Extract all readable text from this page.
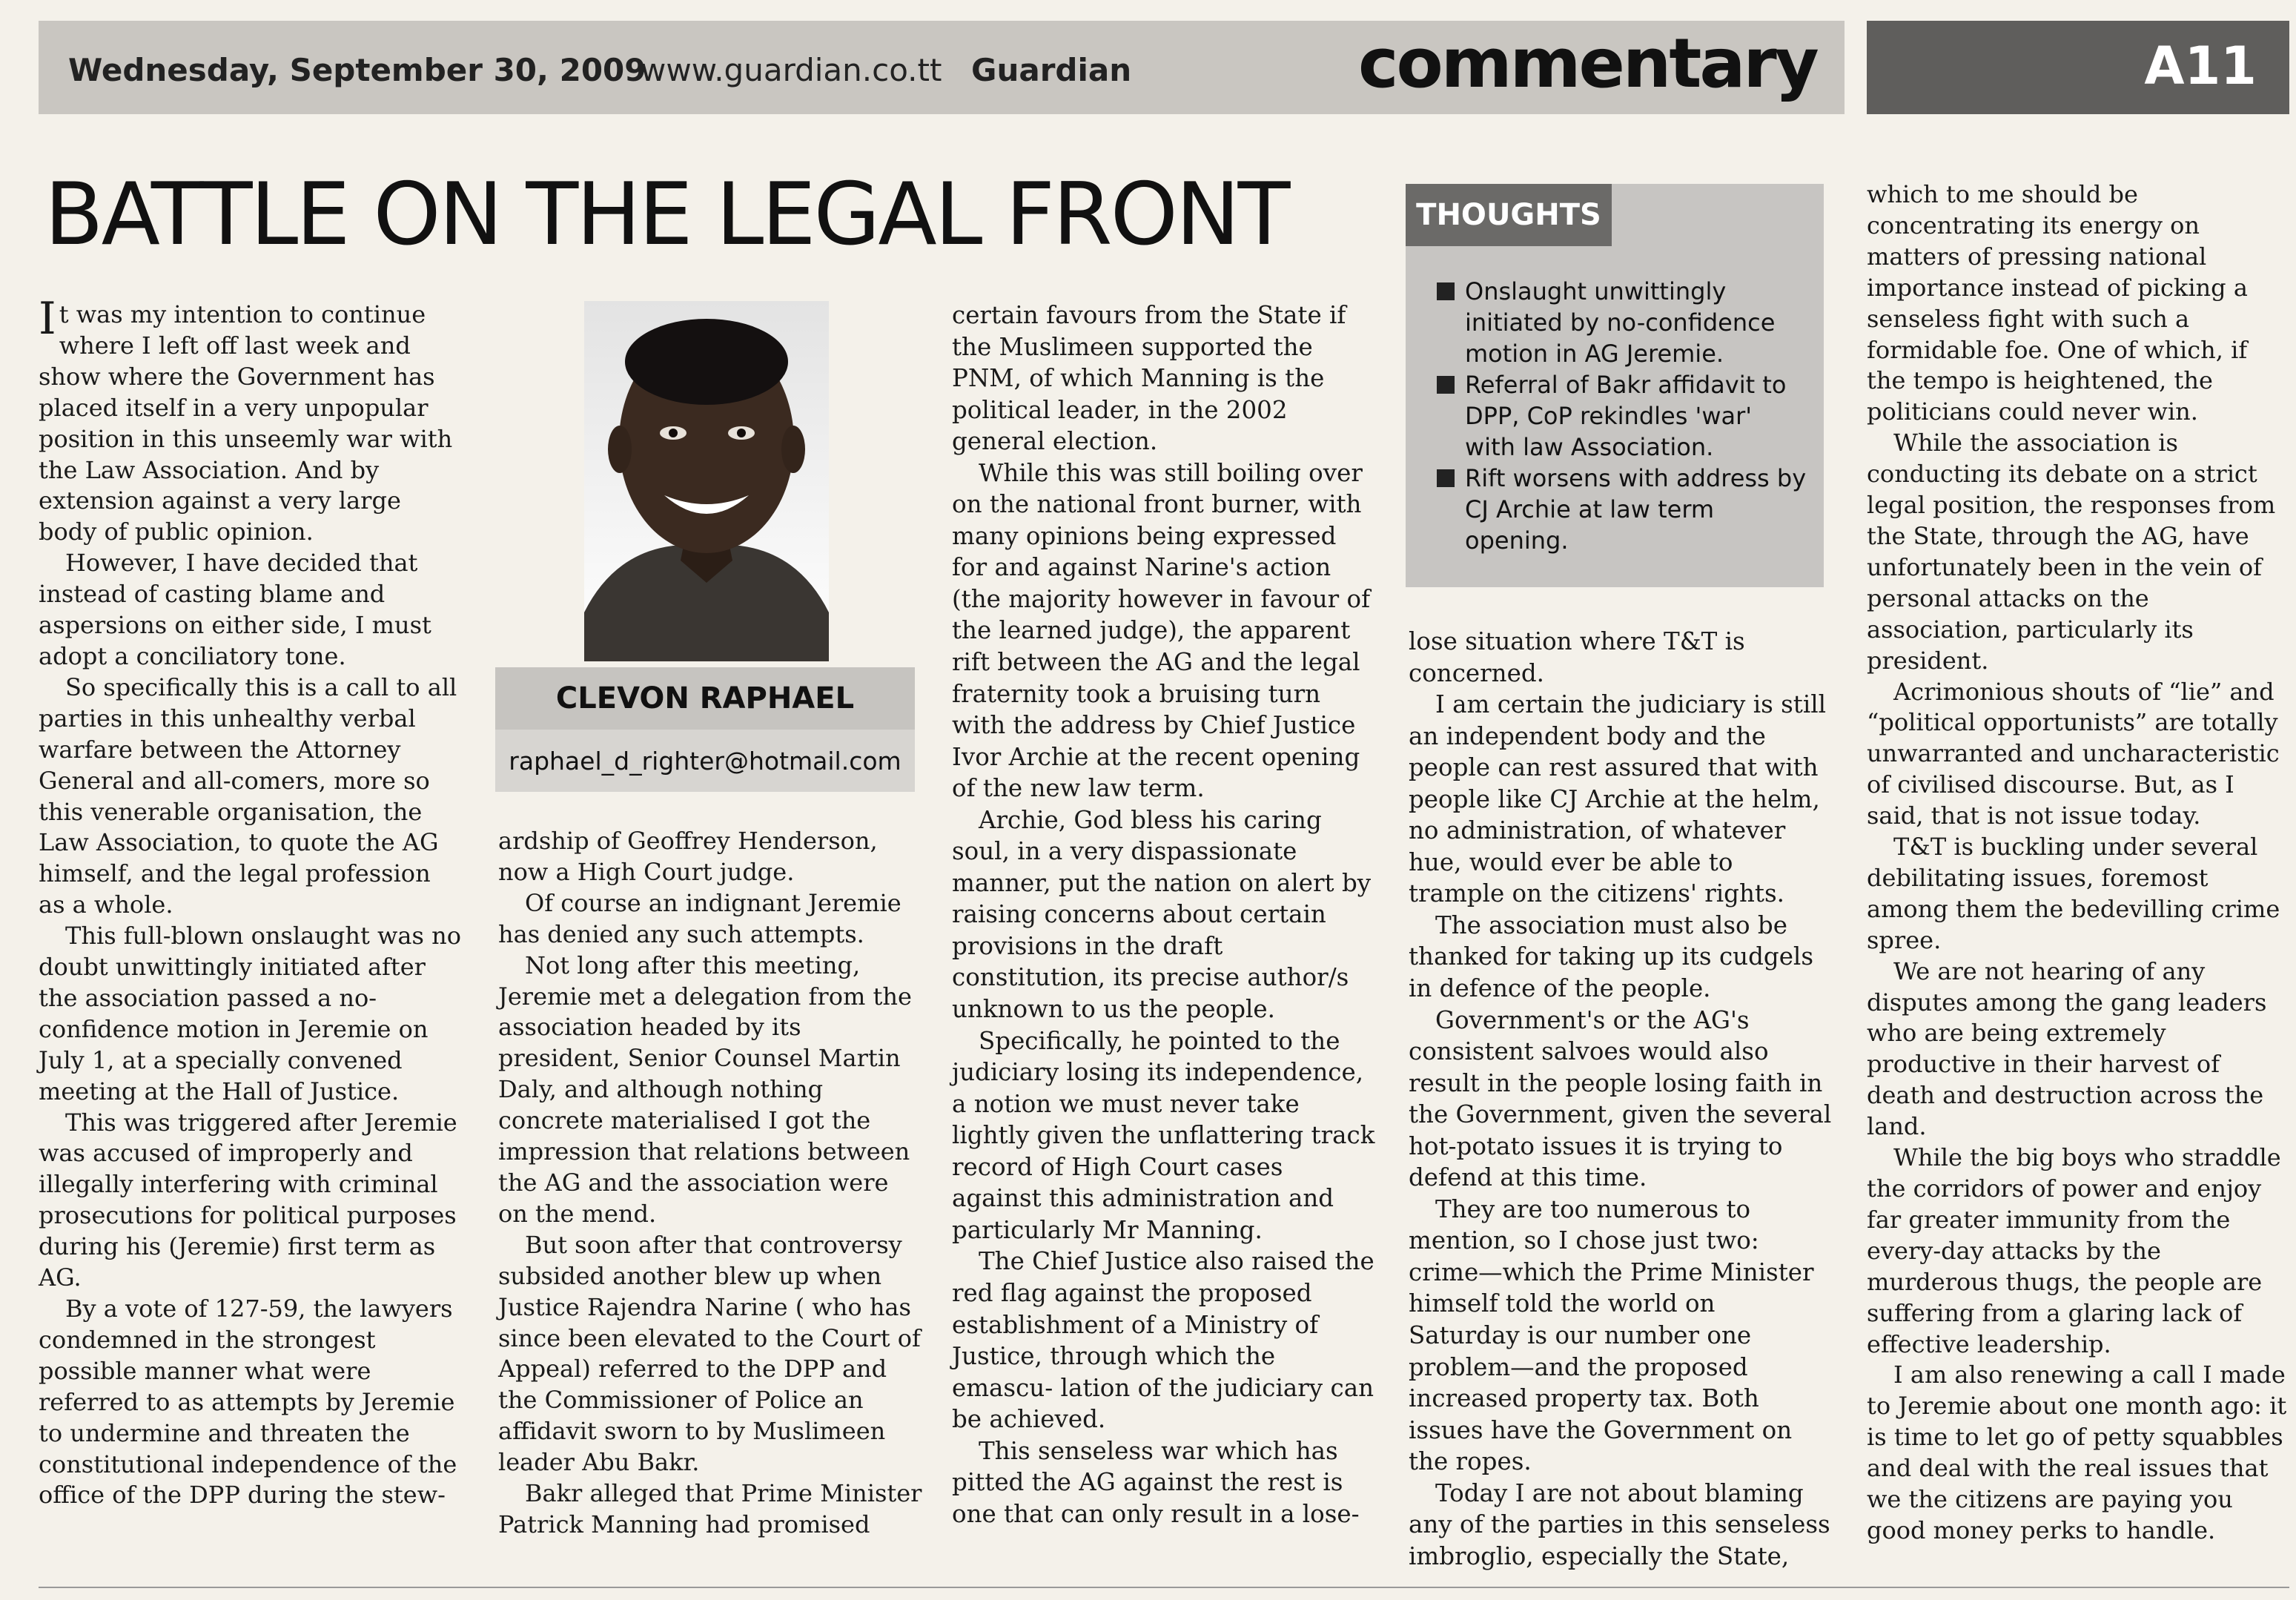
Wednesday, September 30, 2009
www.guardian.co.tt Guardian	commentary	A11
BATTLE ON THE LEGAL FRONT

It was my intention to continue where I left off last week and show where the Government has placed itself in a very unpopular position in this unseemly war with the Law Association. And by extension against a very large body of public opinion.

However, I have decided that instead of casting blame and aspersions on either side, I must adopt a conciliatory tone.

So specifically this is a call to all parties in this unhealthy verbal warfare between the Attorney General and all-comers, more so this venerable organisation, the Law Association, to quote the AG himself, and the legal profession as a whole.

This full-blown onslaught was no doubt unwittingly initiated after the association passed a no-confidence motion in Jeremie on July 1, at a specially convened meeting at the Hall of Justice.

This was triggered after Jeremie was accused of improperly and illegally interfering with criminal prosecutions for political purposes during his (Jeremie) first term as AG.

By a vote of 127-59, the lawyers condemned in the strongest possible manner what were referred to as attempts by Jeremie to undermine and threaten the constitutional independence of the office of the DPP during the stew-

CLEVON RAPHAEL
raphael_d_righter@hotmail.com

ardship of Geoffrey Henderson, now a High Court judge.

Of course an indignant Jeremie has denied any such attempts.

Not long after this meeting, Jeremie met a delegation from the association headed by its president, Senior Counsel Martin Daly, and although nothing concrete materialised I got the impression that relations between the AG and the association were on the mend.

But soon after that controversy subsided another blew up when Justice Rajendra Narine ( who has since been elevated to the Court of Appeal) referred to the DPP and the Commissioner of Police an affidavit sworn to by Muslimeen leader Abu Bakr.

Bakr alleged that Prime Minister Patrick Manning had promised

certain favours from the State if the Muslimeen supported the PNM, of which Manning is the political leader, in the 2002 general election.

While this was still boiling over on the national front burner, with many opinions being expressed for and against Narine's action (the majority however in favour of the learned judge), the apparent rift between the AG and the legal fraternity took a bruising turn with the address by Chief Justice Ivor Archie at the recent opening of the new law term.

Archie, God bless his caring soul, in a very dispassionate manner, put the nation on alert by raising concerns about certain provisions in the draft constitution, its precise author/s unknown to us the people.

Specifically, he pointed to the judiciary losing its independence, a notion we must never take lightly given the unflattering track record of High Court cases against this administration and particularly Mr Manning.

The Chief Justice also raised the red flag against the proposed establishment of a Ministry of Justice, through which the emascu- lation of the judiciary can be achieved.

This senseless war which has pitted the AG against the rest is one that can only result in a lose-

THOUGHTS
Onslaught unwittingly initiated by no-confidence motion in AG Jeremie.
Referral of Bakr affidavit to DPP, CoP rekindles 'war' with law Association.
Rift worsens with address by CJ Archie at law term opening.

lose situation where T&T is concerned.

I am certain the judiciary is still an independent body and the people can rest assured that with people like CJ Archie at the helm, no administration, of whatever hue, would ever be able to trample on the citizens' rights.

The association must also be thanked for taking up its cudgels in defence of the people.

Government's or the AG's consistent salvoes would also result in the people losing faith in the Government, given the several hot-potato issues it is trying to defend at this time.

They are too numerous to mention, so I chose just two: crime—which the Prime Minister himself told the world on Saturday is our number one problem—and the proposed increased property tax. Both issues have the Government on the ropes.

Today I are not about blaming any of the parties in this senseless imbroglio, especially the State,

which to me should be concentrating its energy on matters of pressing national importance instead of picking a senseless fight with such a formidable foe. One of which, if the tempo is heightened, the politicians could never win.

While the association is conducting its debate on a strict legal position, the responses from the State, through the AG, have unfortunately been in the vein of personal attacks on the association, particularly its president.

Acrimonious shouts of “lie” and “political opportunists” are totally unwarranted and uncharacteristic of civilised discourse. But, as I said, that is not issue today.

T&T is buckling under several debilitating issues, foremost among them the bedevilling crime spree.

We are not hearing of any disputes among the gang leaders who are being extremely productive in their harvest of death and destruction across the land.

While the big boys who straddle the corridors of power and enjoy far greater immunity from the every-day attacks by the murderous thugs, the people are suffering from a glaring lack of effective leadership.

I am also renewing a call I made to Jeremie about one month ago: it is time to let go of petty squabbles and deal with the real issues that we the citizens are paying you good money perks to handle.
